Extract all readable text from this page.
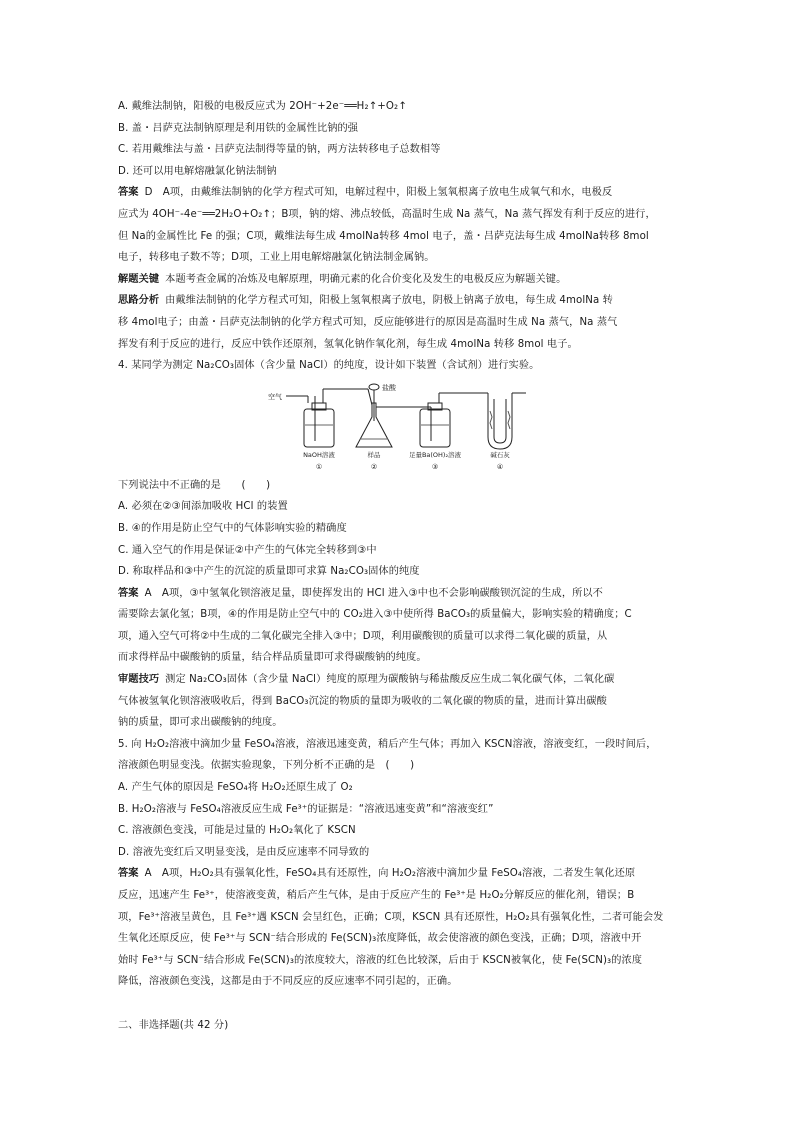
A. 戴维法制钠，阳极的电极反应式为 2OH⁻+2e⁻══H₂↑+O₂↑
B. 盖・吕萨克法制钠原理是利用铁的金属性比钠的强
C. 若用戴维法与盖・吕萨克法制得等量的钠，两方法转移电子总数相等
D. 还可以用电解熔融氯化钠法制钠
答案 D　A项，由戴维法制钠的化学方程式可知，电解过程中，阳极上氢氧根离子放电生成氧气和水，电极反
应式为 4OH⁻-4e⁻══2H₂O+O₂↑；B项，钠的熔、沸点较低，高温时生成 Na 蒸气，Na 蒸气挥发有利于反应的进行，
但 Na的金属性比 Fe 的强；C项，戴维法每生成 4molNa转移 4mol 电子，盖・吕萨克法每生成 4molNa转移 8mol
电子，转移电子数不等；D项，工业上用电解熔融氯化钠法制金属钠。
解题关键 本题考查金属的冶炼及电解原理，明确元素的化合价变化及发生的电极反应为解题关键。
思路分析 由戴维法制钠的化学方程式可知，阳极上氢氧根离子放电，阴极上钠离子放电，每生成 4molNa 转
移 4mol电子；由盖・吕萨克法制钠的化学方程式可知，反应能够进行的原因是高温时生成 Na 蒸气，Na 蒸气
挥发有利于反应的进行，反应中铁作还原剂，氢氧化钠作氧化剂，每生成 4molNa 转移 8mol 电子。
4. 某同学为测定 Na₂CO₃固体（含少量 NaCl）的纯度，设计如下装置（含试剂）进行实验。
空气
盐酸
NaOH溶液	样品	足量Ba(OH)₂溶液	碱石灰
①	②	③	④
下列说法中不正确的是　　(　　)
A. 必须在②③间添加吸收 HCl 的装置
B. ④的作用是防止空气中的气体影响实验的精确度
C. 通入空气的作用是保证②中产生的气体完全转移到③中
D. 称取样品和③中产生的沉淀的质量即可求算 Na₂CO₃固体的纯度
答案 A　A项，③中氢氧化钡溶液足量，即使挥发出的 HCl 进入③中也不会影响碳酸钡沉淀的生成，所以不
需要除去氯化氢；B项，④的作用是防止空气中的 CO₂进入③中使所得 BaCO₃的质量偏大，影响实验的精确度；C
项，通入空气可将②中生成的二氧化碳完全排入③中；D项，利用碳酸钡的质量可以求得二氧化碳的质量，从
而求得样品中碳酸钠的质量，结合样品质量即可求得碳酸钠的纯度。
审题技巧 测定 Na₂CO₃固体（含少量 NaCl）纯度的原理为碳酸钠与稀盐酸反应生成二氧化碳气体，二氧化碳
气体被氢氧化钡溶液吸收后，得到 BaCO₃沉淀的物质的量即为吸收的二氧化碳的物质的量，进而计算出碳酸
钠的质量，即可求出碳酸钠的纯度。
5. 向 H₂O₂溶液中滴加少量 FeSO₄溶液，溶液迅速变黄，稍后产生气体；再加入 KSCN溶液，溶液变红，一段时间后，
溶液颜色明显变浅。依据实验现象，下列分析不正确的是　(　　)
A. 产生气体的原因是 FeSO₄将 H₂O₂还原生成了 O₂
B. H₂O₂溶液与 FeSO₄溶液反应生成 Fe³⁺的证据是：“溶液迅速变黄”和“溶液变红”
C. 溶液颜色变浅，可能是过量的 H₂O₂氧化了 KSCN
D. 溶液先变红后又明显变浅，是由反应速率不同导致的
答案 A　A项，H₂O₂具有强氧化性，FeSO₄具有还原性，向 H₂O₂溶液中滴加少量 FeSO₄溶液，二者发生氧化还原
反应，迅速产生 Fe³⁺，使溶液变黄，稍后产生气体，是由于反应产生的 Fe³⁺是 H₂O₂分解反应的催化剂，错误；B
项，Fe³⁺溶液呈黄色，且 Fe³⁺遇 KSCN 会呈红色，正确；C项，KSCN 具有还原性，H₂O₂具有强氧化性，二者可能会发
生氧化还原反应，使 Fe³⁺与 SCN⁻结合形成的 Fe(SCN)₃浓度降低，故会使溶液的颜色变浅，正确；D项，溶液中开
始时 Fe³⁺与 SCN⁻结合形成 Fe(SCN)₃的浓度较大，溶液的红色比较深，后由于 KSCN被氧化，使 Fe(SCN)₃的浓度
降低，溶液颜色变浅，这都是由于不同反应的反应速率不同引起的，正确。
二、非选择题(共 42 分)
